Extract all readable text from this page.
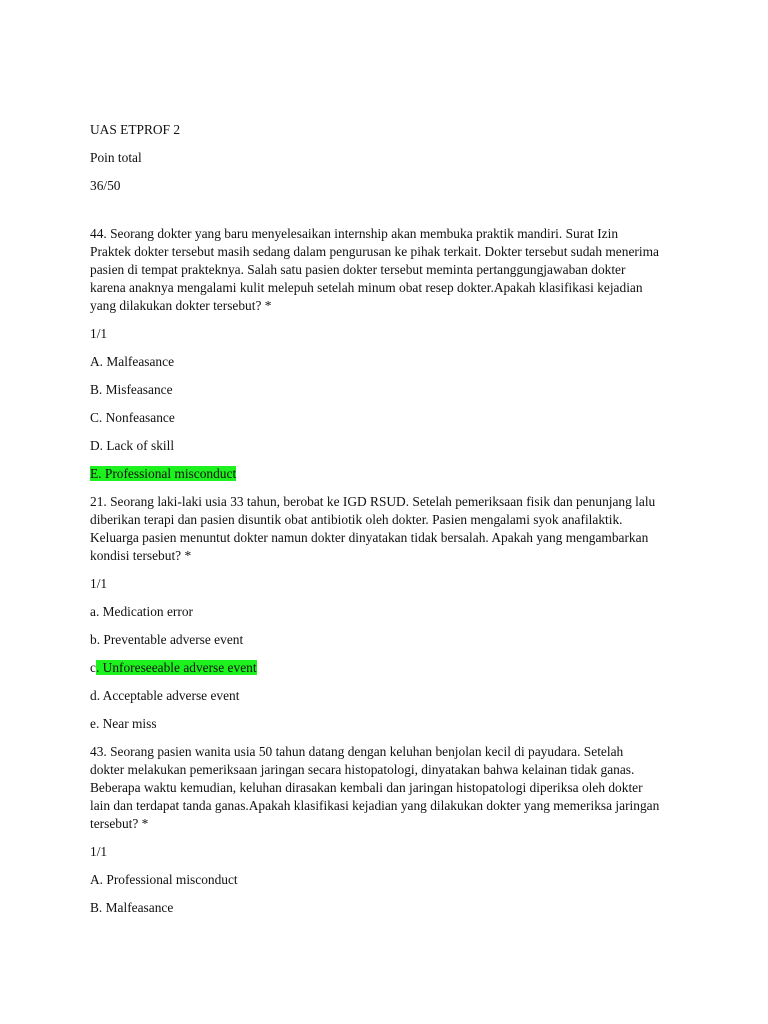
UAS ETPROF 2

Poin total

36/50

44. Seorang dokter yang baru menyelesaikan internship akan membuka praktik mandiri. Surat Izin
Praktek dokter tersebut masih sedang dalam pengurusan ke pihak terkait. Dokter tersebut sudah menerima
pasien di tempat prakteknya. Salah satu pasien dokter tersebut meminta pertanggungjawaban dokter
karena anaknya mengalami kulit melepuh setelah minum obat resep dokter.Apakah klasifikasi kejadian
yang dilakukan dokter tersebut? *

1/1

A. Malfeasance

B. Misfeasance

C. Nonfeasance

D. Lack of skill

E. Professional misconduct

21. Seorang laki-laki usia 33 tahun, berobat ke IGD RSUD. Setelah pemeriksaan fisik dan penunjang lalu
diberikan terapi dan pasien disuntik obat antibiotik oleh dokter. Pasien mengalami syok anafilaktik.
Keluarga pasien menuntut dokter namun dokter dinyatakan tidak bersalah. Apakah yang mengambarkan
kondisi tersebut? *

1/1

a. Medication error

b. Preventable adverse event

c. Unforeseeable adverse event

d. Acceptable adverse event

e. Near miss

43. Seorang pasien wanita usia 50 tahun datang dengan keluhan benjolan kecil di payudara. Setelah
dokter melakukan pemeriksaan jaringan secara histopatologi, dinyatakan bahwa kelainan tidak ganas.
Beberapa waktu kemudian, keluhan dirasakan kembali dan jaringan histopatologi diperiksa oleh dokter
lain dan terdapat tanda ganas.Apakah klasifikasi kejadian yang dilakukan dokter yang memeriksa jaringan
tersebut? *

1/1

A. Professional misconduct

B. Malfeasance
